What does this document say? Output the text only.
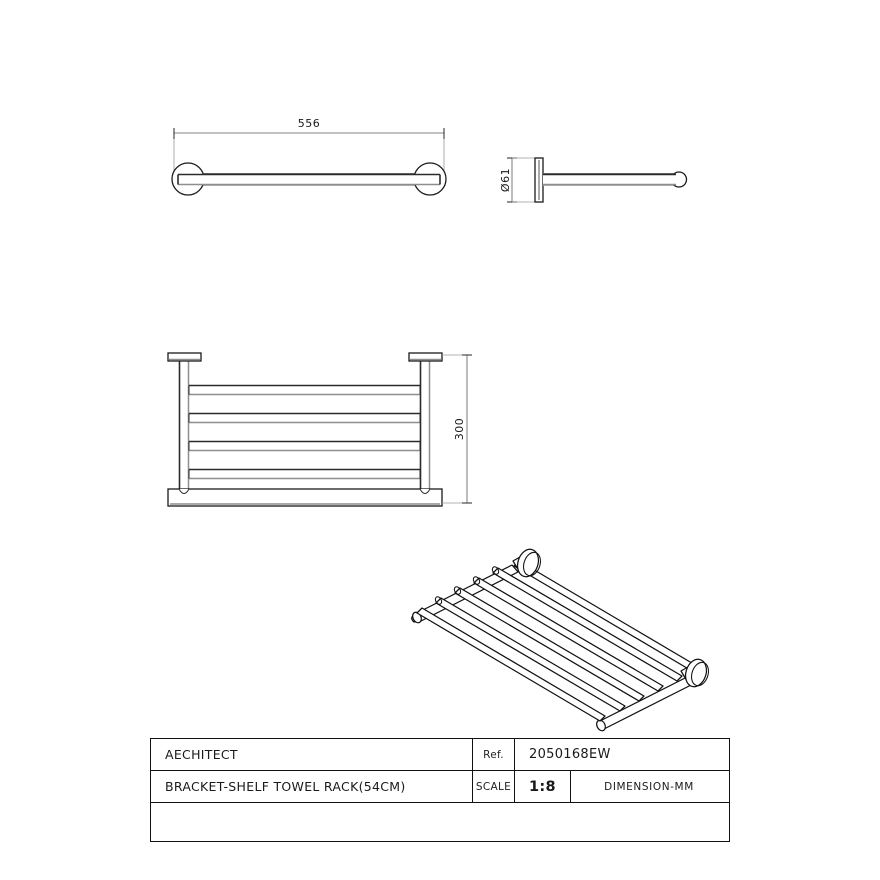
556
Ø61
300
AECHITECT	Ref.	2050168EW
BRACKET-SHELF TOWEL RACK(54CM)	SCALE	1:8	DIMENSION-MM
